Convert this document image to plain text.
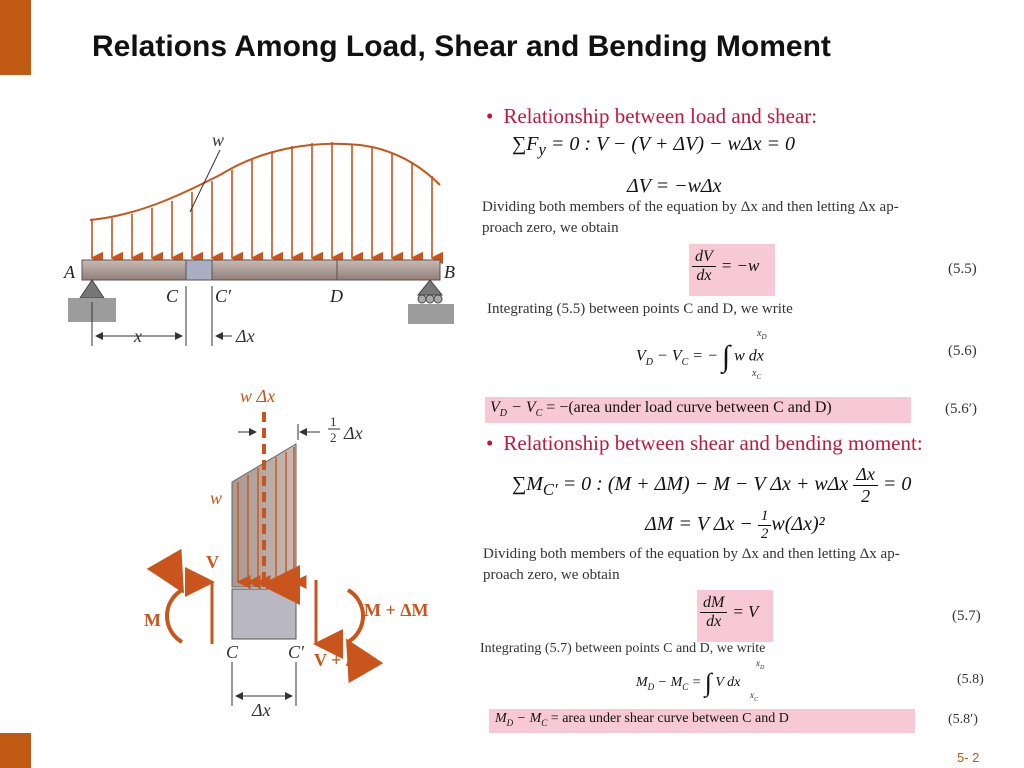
Relations Among Load, Shear and Bending Moment
5- 2
w
A	B
C C′	D
x	Δx
w Δx
1
2 Δx
w
V
M
V + ΔV
M + ΔM
C	C′
Δx
• Relationship between load and shear:
$\sum F_y = 0$ : V − (V + ΔV) − wΔx = 0
ΔV = −wΔx
Dividing both members of the equation by Δx and then letting Δx ap-
proach zero, we obtain
$\frac{dV}{dx} = -w$	(5.5)
Integrating (5.5) between points C and D, we write
$V_D - V_C$ = − ∫ w dx
$x_D$
$x_C$
(5.6)
$V_D - V_C$ = −(area under load curve between C and D)	(5.6′)
• Relationship between shear and bending moment:
$\sum M_{C'} = 0$ : (M + ΔM) − M − V Δx + wΔx $\frac{\Delta x}{2} = 0$
ΔM = V $\Delta x - \frac{1}{2} w(\Delta x)^2$
Dividing both members of the equation by Δx and then letting Δx ap-
proach zero, we obtain
$\frac{dM}{dx} = V$	(5.7)
Integrating (5.7) between points C and D, we write
$M_D - M_C$ = ∫ V dx
$x_D$
$x_C$
(5.8)
$M_D - M_C$ = area under shear curve between C and D	(5.8′)
